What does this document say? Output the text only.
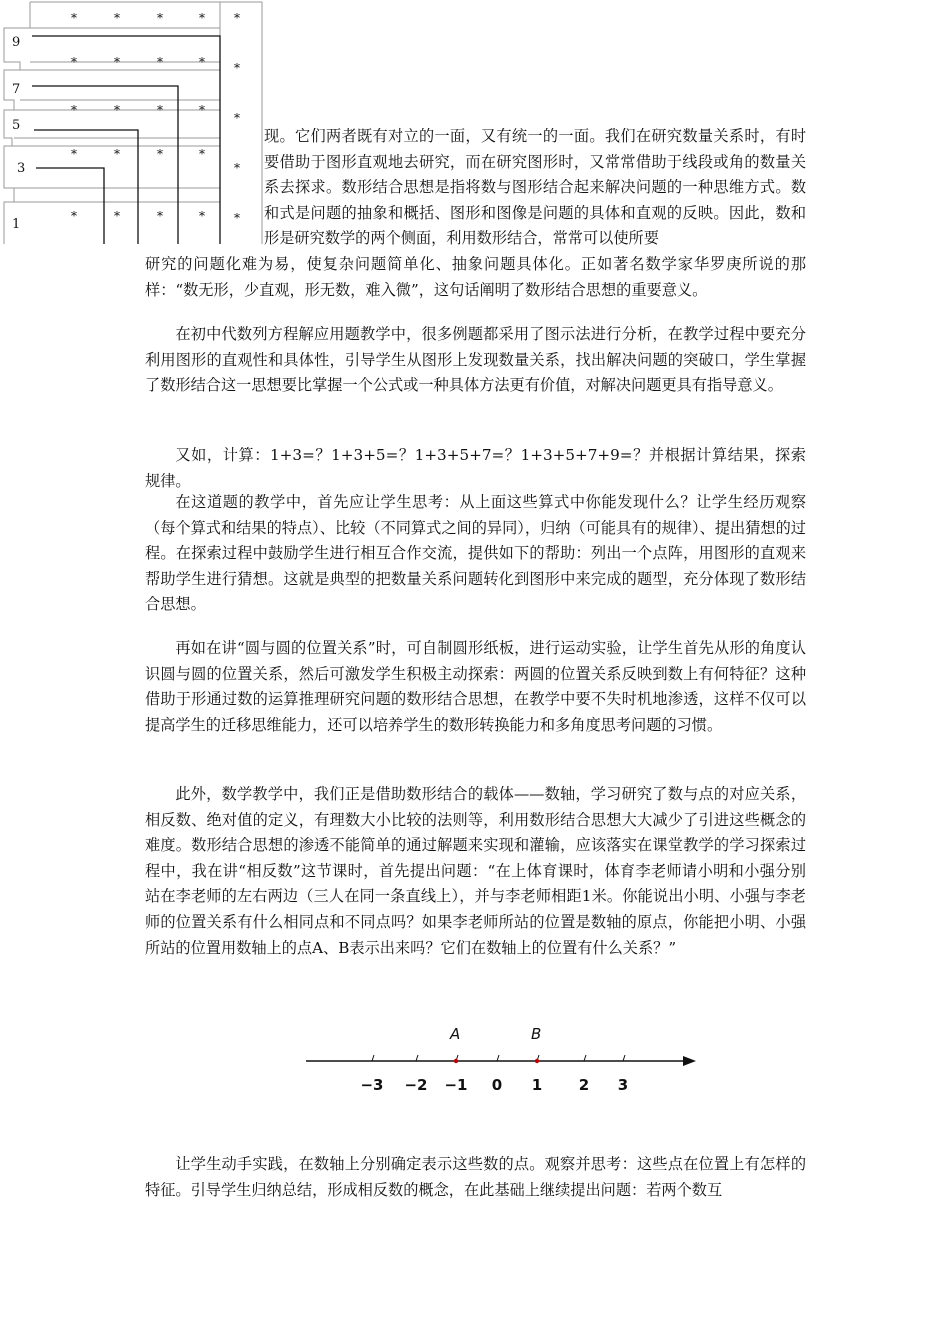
9
7
5
3
1
*	*	*	* *
*	*	*	* *
*	*	*	*
*
*	*	*	*
*
*	*	*	* *

现。它们两者既有对立的一面，又有统一的一面。我们在研究数量关系时，有时要借助于图形直观地去研究，而在研究图形时，又常常借助于线段或角的数量关系去探求。数形结合思想是指将数与图形结合起来解决问题的一种思维方式。数和式是问题的抽象和概括、图形和图像是问题的具体和直观的反映。因此，数和形是研究数学的两个侧面，利用数形结合，常常可以使所要

研究的问题化难为易，使复杂问题简单化、抽象问题具体化。正如著名数学家华罗庚所说的那样：“数无形，少直观，形无数，难入微”，这句话阐明了数形结合思想的重要意义。

在初中代数列方程解应用题教学中，很多例题都采用了图示法进行分析，在教学过程中要充分利用图形的直观性和具体性，引导学生从图形上发现数量关系，找出解决问题的突破口，学生掌握了数形结合这一思想要比掌握一个公式或一种具体方法更有价值，对解决问题更具有指导意义。

又如，计算：1+3=？1+3+5=？1+3+5+7=？1+3+5+7+9=？并根据计算结果，探索规律。

在这道题的教学中，首先应让学生思考：从上面这些算式中你能发现什么？让学生经历观察（每个算式和结果的特点）、比较（不同算式之间的异同），归纳（可能具有的规律）、提出猜想的过程。在探索过程中鼓励学生进行相互合作交流，提供如下的帮助：列出一个点阵，用图形的直观来帮助学生进行猜想。这就是典型的把数量关系问题转化到图形中来完成的题型，充分体现了数形结合思想。

再如在讲“圆与圆的位置关系”时，可自制圆形纸板，进行运动实验，让学生首先从形的角度认识圆与圆的位置关系，然后可激发学生积极主动探索：两圆的位置关系反映到数上有何特征？这种借助于形通过数的运算推理研究问题的数形结合思想，在教学中要不失时机地渗透，这样不仅可以提高学生的迁移思维能力，还可以培养学生的数形转换能力和多角度思考问题的习惯。

此外，数学教学中，我们正是借助数形结合的载体——数轴，学习研究了数与点的对应关系，相反数、绝对值的定义，有理数大小比较的法则等，利用数形结合思想大大减少了引进这些概念的难度。数形结合思想的渗透不能简单的通过解题来实现和灌输，应该落实在课堂教学的学习探索过程中，我在讲“相反数”这节课时，首先提出问题：“在上体育课时，体育李老师请小明和小强分别站在李老师的左右两边（三人在同一条直线上），并与李老师相距1米。你能说出小明、小强与李老师的位置关系有什么相同点和不同点吗？如果李老师所站的位置是数轴的原点，你能把小明、小强所站的位置用数轴上的点A、B表示出来吗？它们在数轴上的位置有什么关系？”

−3 −2 −1 0 1 2 3
A	B

让学生动手实践，在数轴上分别确定表示这些数的点。观察并思考：这些点在位置上有怎样的特征。引导学生归纳总结，形成相反数的概念，在此基础上继续提出问题：若两个数互
